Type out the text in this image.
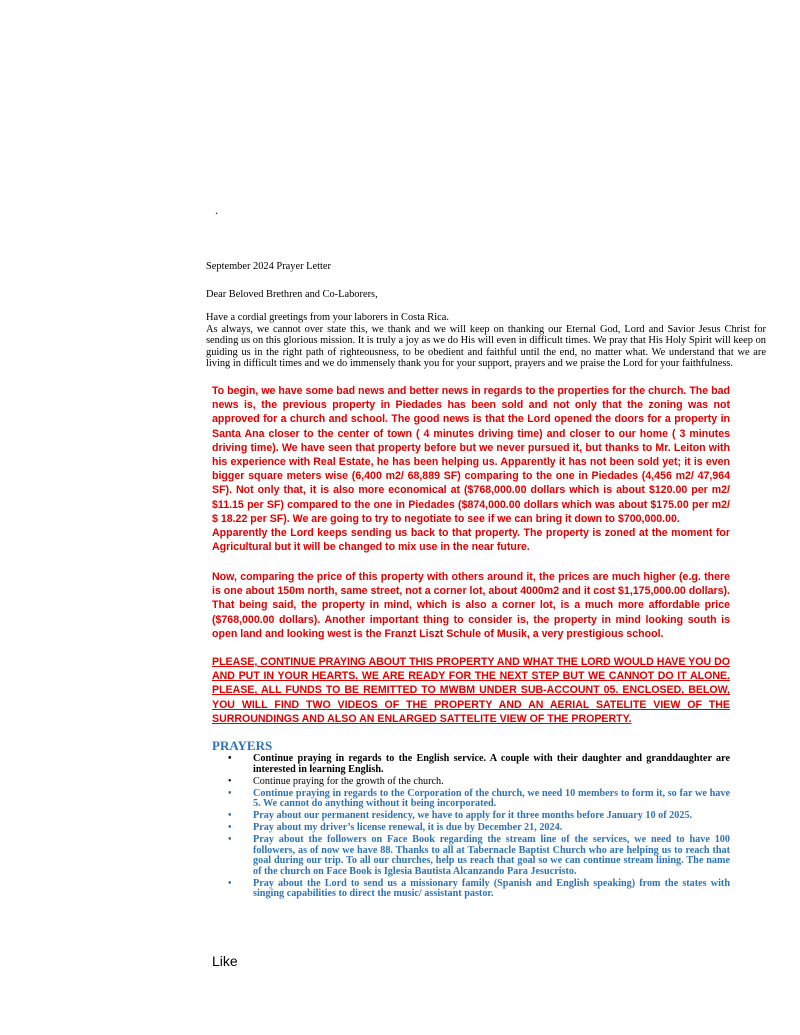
.
September 2024 Prayer Letter
Dear Beloved Brethren and Co-Laborers,

Have a cordial greetings from your laborers in Costa Rica.

As always, we cannot over state this, we thank and we will keep on thanking our Eternal God, Lord and Savior Jesus Christ for sending us on this glorious mission. It is truly a joy as we do His will even in difficult times. We pray that His Holy Spirit will keep on guiding us in the right path of righteousness, to be obedient and faithful until the end, no matter what. We understand that we are living in difficult times and we do immensely thank you for your support, prayers and we praise the Lord for your faithfulness.

To begin, we have some bad news and better news in regards to the properties for the church. The bad news is, the previous property in Piedades has been sold and not only that the zoning was not approved for a church and school. The good news is that the Lord opened the doors for a property in Santa Ana closer to the center of town ( 4 minutes driving time) and closer to our home ( 3 minutes driving time). We have seen that property before but we never pursued it, but thanks to Mr. Leiton with his experience with Real Estate, he has been helping us. Apparently it has not been sold yet; it is even bigger square meters wise (6,400 m2/ 68,889 SF) comparing to the one in Piedades (4,456 m2/ 47,964 SF). Not only that, it is also more economical at ($768,000.00 dollars which is about $120.00 per m2/ $11.15 per SF) compared to the one in Piedades ($874,000.00 dollars which was about $175.00 per m2/ $ 18.22 per SF). We are going to try to negotiate to see if we can bring it down to $700,000.00.

Apparently the Lord keeps sending us back to that property. The property is zoned at the moment for Agricultural but it will be changed to mix use in the near future.

Now, comparing the price of this property with others around it, the prices are much higher (e.g. there is one about 150m north, same street, not a corner lot, about 4000m2 and it cost $1,175,000.00 dollars). That being said, the property in mind, which is also a corner lot, is a much more affordable price ($768,000.00 dollars). Another important thing to consider is, the property in mind looking south is open land and looking west is the Franzt Liszt Schule of Musik, a very prestigious school.
PLEASE, CONTINUE PRAYING ABOUT THIS PROPERTY AND WHAT THE LORD WOULD HAVE YOU DO AND PUT IN YOUR HEARTS. WE ARE READY FOR THE NEXT STEP BUT WE CANNOT DO IT ALONE. PLEASE, ALL FUNDS TO BE REMITTED TO MWBM UNDER SUB-ACCOUNT 05. ENCLOSED, BELOW, YOU WILL FIND TWO VIDEOS OF THE PROPERTY AND AN AERIAL SATELITE VIEW OF THE SURROUNDINGS AND ALSO AN ENLARGED SATTELITE VIEW OF THE PROPERTY.
PRAYERS
• Continue praying in regards to the English service. A couple with their daughter and granddaughter are interested in learning English.
• Continue praying for the growth of the church.
• Continue praying in regards to the Corporation of the church, we need 10 members to form it, so far we have 5. We cannot do anything without it being incorporated.
• Pray about our permanent residency, we have to apply for it three months before January 10 of 2025.
• Pray about my driver’s license renewal, it is due by December 21, 2024.
• Pray about the followers on Face Book regarding the stream line of the services, we need to have 100 followers, as of now we have 88. Thanks to all at Tabernacle Baptist Church who are helping us to reach that goal during our trip. To all our churches, help us reach that goal so we can continue stream lining. The name of the church on Face Book is Iglesia Bautista Alcanzando Para Jesucristo.
• Pray about the Lord to send us a missionary family (Spanish and English speaking) from the states with singing capabilities to direct the music/ assistant pastor.
Like
